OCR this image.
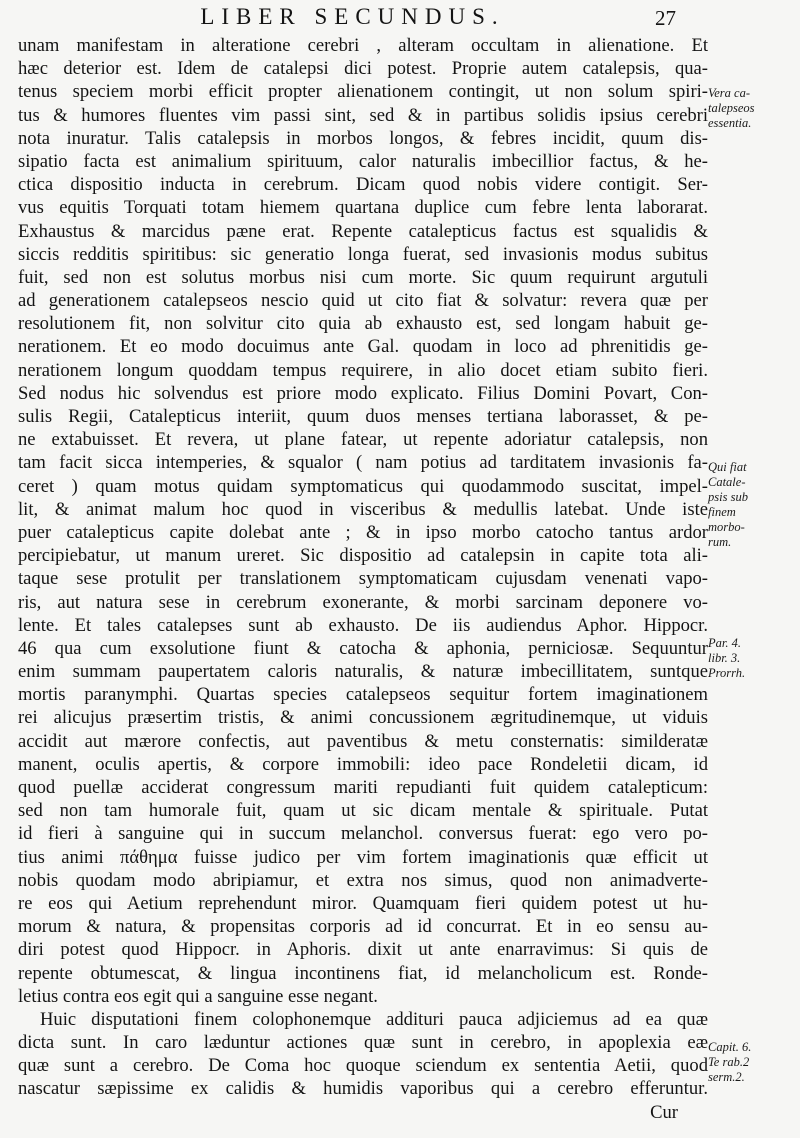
LIBER SECUNDUS.	27
unam manifestam in alteratione cerebri , alteram occultam in alienatione. Et
hæc deterior est. Idem de catalepsi dici potest. Proprie autem catalepsis, qua-
tenus speciem morbi efficit propter alienationem contingit, ut non solum spiri-
tus & humores fluentes vim passi sint, sed & in partibus solidis ipsius cerebri
nota inuratur. Talis catalepsis in morbos longos, & febres incidit, quum dis-
sipatio facta est animalium spirituum, calor naturalis imbecillior factus, & he-
ctica dispositio inducta in cerebrum. Dicam quod nobis videre contigit. Ser-
vus equitis Torquati totam hiemem quartana duplice cum febre lenta laborarat.
Exhaustus & marcidus pæne erat. Repente catalepticus factus est squalidis &
siccis redditis spiritibus: sic generatio longa fuerat, sed invasionis modus subitus
fuit, sed non est solutus morbus nisi cum morte. Sic quum requirunt argutuli
ad generationem catalepseos nescio quid ut cito fiat & solvatur: revera quæ per
resolutionem fit, non solvitur cito quia ab exhausto est, sed longam habuit ge-
nerationem. Et eo modo docuimus ante Gal. quodam in loco ad phrenitidis ge-
nerationem longum quoddam tempus requirere, in alio docet etiam subito fieri.
Sed nodus hic solvendus est priore modo explicato. Filius Domini Povart, Con-
sulis Regii, Catalepticus interiit, quum duos menses tertiana laborasset, & pe-
ne extabuisset. Et revera, ut plane fatear, ut repente adoriatur catalepsis, non
tam facit sicca intemperies, & squalor ( nam potius ad tarditatem invasionis fa-
ceret ) quam motus quidam symptomaticus qui quodammodo suscitat, impel-
lit, & animat malum hoc quod in visceribus & medullis latebat. Unde iste
puer catalepticus capite dolebat ante ; & in ipso morbo catocho tantus ardor
percipiebatur, ut manum ureret. Sic dispositio ad catalepsin in capite tota ali-
taque sese protulit per translationem symptomaticam cujusdam venenati vapo-
ris, aut natura sese in cerebrum exonerante, & morbi sarcinam deponere vo-
lente. Et tales catalepses sunt ab exhausto. De iis audiendus Aphor. Hippocr.
46 qua cum exsolutione fiunt & catocha & aphonia, perniciosæ. Sequuntur
enim summam paupertatem caloris naturalis, & naturæ imbecillitatem, suntque
mortis paranymphi. Quartas species catalepseos sequitur fortem imaginationem
rei alicujus præsertim tristis, & animi concussionem ægritudinemque, ut viduis
accidit aut mærore confectis, aut paventibus & metu consternatis: similderatæ
manent, oculis apertis, & corpore immobili: ideo pace Rondeletii dicam, id
quod puellæ acciderat congressum mariti repudianti fuit quidem catalepticum:
sed non tam humorale fuit, quam ut sic dicam mentale & spirituale. Putat
id fieri à sanguine qui in succum melanchol. conversus fuerat: ego vero po-
tius animi πάθημα fuisse judico per vim fortem imaginationis quæ efficit ut
nobis quodam modo abripiamur, et extra nos simus, quod non animadverte-
re eos qui Aetium reprehendunt miror. Quamquam fieri quidem potest ut hu-
morum & natura, & propensitas corporis ad id concurrat. Et in eo sensu au-
diri potest quod Hippocr. in Aphoris. dixit ut ante enarravimus: Si quis de
repente obtumescat, & lingua incontinens fiat, id melancholicum est. Ronde-
letius contra eos egit qui a sanguine esse negant.
Huic disputationi finem colophonemque addituri pauca adjiciemus ad ea quæ
dicta sunt. In caro læduntur actiones quæ sunt in cerebro, in apoplexia eæ
quæ sunt a cerebro. De Coma hoc quoque sciendum ex sententia Aetii, quod
nascatur sæpissime ex calidis & humidis vaporibus qui a cerebro efferuntur.
Cur
Vera ca-
talepseos
essentia.
Qui fiat
Catale-
psis sub
finem
morbo-
rum.
Par. 4.
libr. 3.
Prorrh.
Capit. 6.
Te rab.2
serm.2.
